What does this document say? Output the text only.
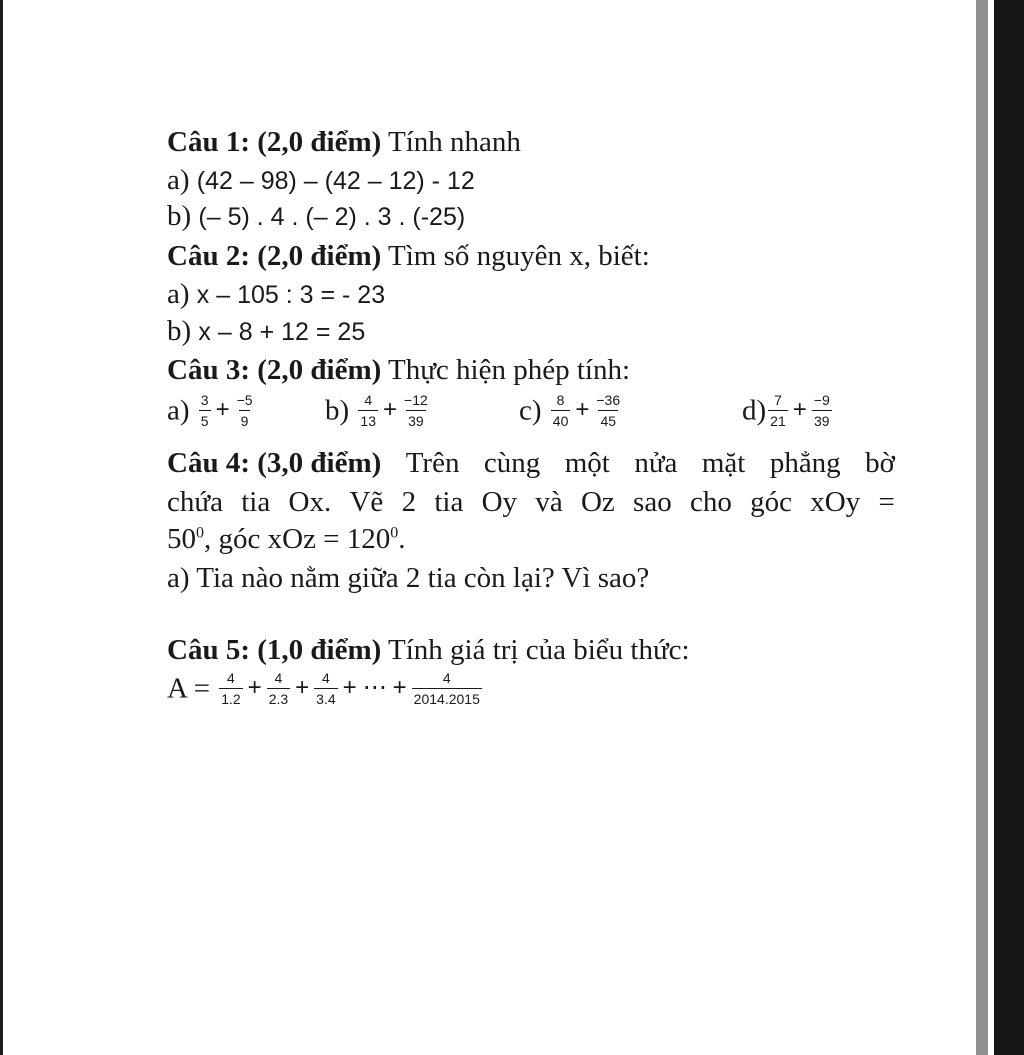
Câu 1: (2,0 điểm) Tính nhanh
a) (42 – 98) – (42 – 12) - 12
b) (– 5) . 4 . (– 2) . 3 . (-25)
Câu 2: (2,0 điểm) Tìm số nguyên x, biết:
a) x – 105 : 3 = - 23
b) x – 8 + 12 = 25
Câu 3: (2,0 điểm) Thực hiện phép tính:
$a) \frac{3}{5} + \frac{-5}{9} b) \frac{4}{13} + \frac{-12}{39}$	$c) \frac{8}{40} + \frac{-36}{45}$	$d) \frac{7}{21} + \frac{-9}{39}$
Câu 4: (3,0 điểm) Trên cùng một nửa mặt phẳng bờ
chứa tia Ox. Vẽ 2 tia Oy và Oz sao cho góc xOy =
$50^0$, góc xOz = $120^0$.
a) Tia nào nằm giữa 2 tia còn lại? Vì sao?
Câu 5: (1,0 điểm) Tính giá trị của biểu thức:
$A = \frac{4}{1.2} + \frac{4}{2.3} + \frac{4}{3.4}$ + ⋯ + $\frac{4}{2014.2015}$
